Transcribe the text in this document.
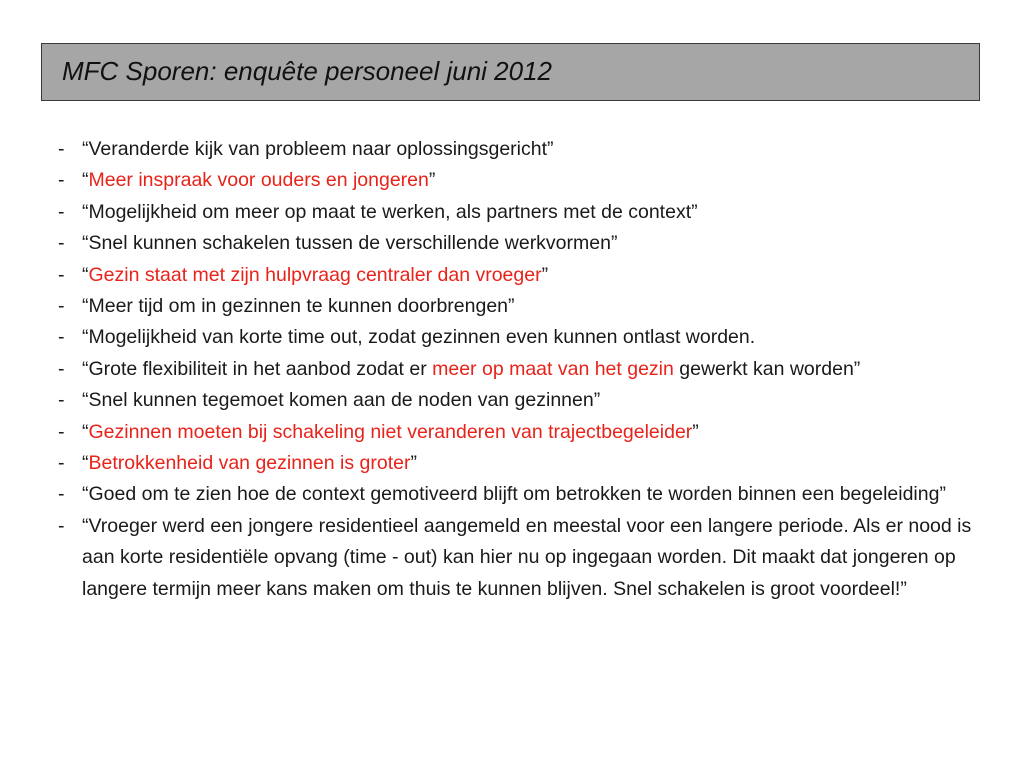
MFC Sporen: enquête personeel juni 2012
- “Veranderde kijk van probleem naar oplossingsgericht”
- “Meer inspraak voor ouders en jongeren”
- “Mogelijkheid om meer op maat te werken, als partners met de context”
- “Snel kunnen schakelen tussen de verschillende werkvormen”
- “Gezin staat met zijn hulpvraag centraler dan vroeger”
- “Meer tijd om in gezinnen te kunnen doorbrengen”
- “Mogelijkheid van korte time out, zodat gezinnen even kunnen ontlast worden.
- “Grote flexibiliteit in het aanbod zodat er meer op maat van het gezin gewerkt kan worden”
- “Snel kunnen tegemoet komen aan de noden van gezinnen”
- “Gezinnen moeten bij schakeling niet veranderen van trajectbegeleider”
- “Betrokkenheid van gezinnen is groter”
- “Goed om te zien hoe de context gemotiveerd blijft om betrokken te worden binnen een begeleiding”
- “Vroeger werd een jongere residentieel aangemeld en meestal voor een langere periode. Als er nood is aan korte residentiële opvang (time - out) kan hier nu op ingegaan worden. Dit maakt dat jongeren op langere termijn meer kans maken om thuis te kunnen blijven. Snel schakelen is groot voordeel!”
